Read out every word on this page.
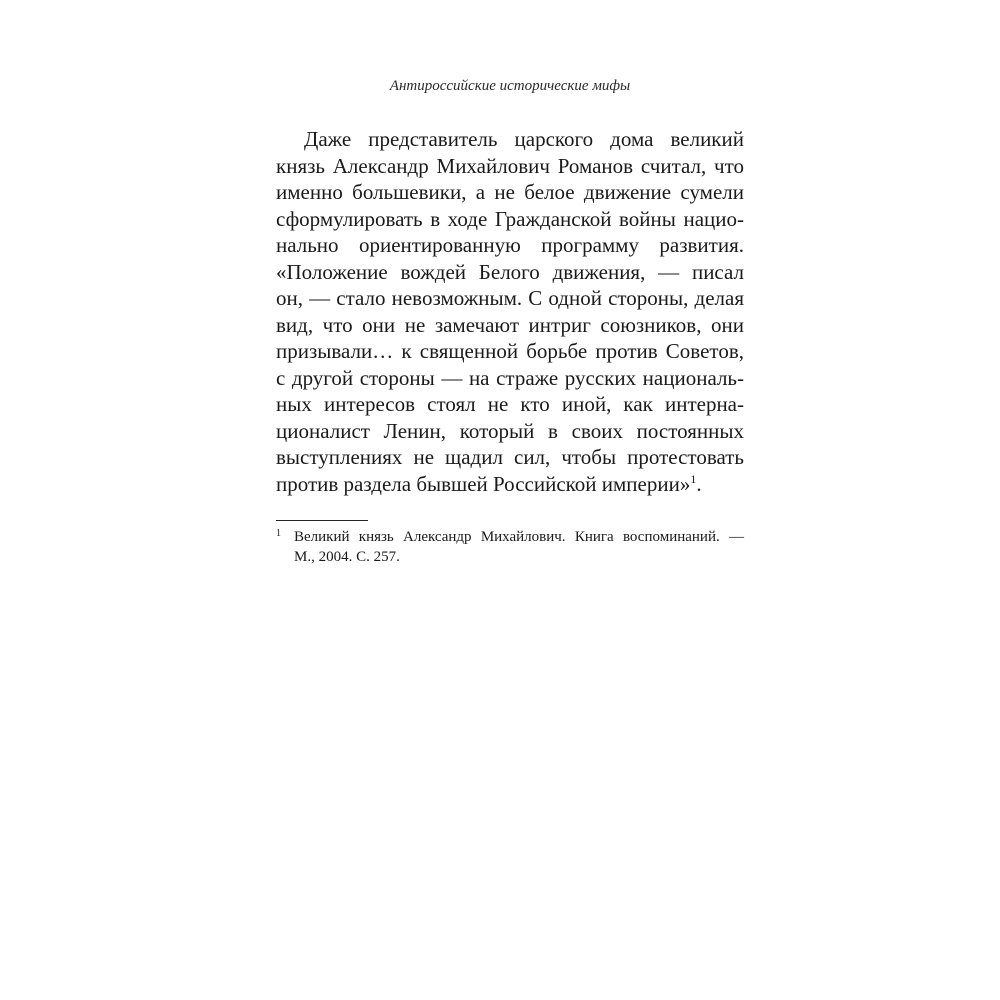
Антироссийские исторические мифы
Даже представитель царского дома великий
князь Александр Михайлович Романов считал, что
именно большевики, а не белое движение сумели
сформулировать в ходе Гражданской войны нацио-
нально ориентированную программу развития.
«Положение вождей Белого движения, — писал
он, — стало невозможным. С одной стороны, делая
вид, что они не замечают интриг союзников, они
призывали… к священной борьбе против Советов,
с другой стороны — на страже русских националь-
ных интересов стоял не кто иной, как интерна-
ционалист Ленин, который в своих постоянных
выступлениях не щадил сил, чтобы протестовать
против раздела бывшей Российской империи»$^1$.
1 Великий князь Александр Михайлович. Книга воспоминаний. —
М., 2004. С. 257.
